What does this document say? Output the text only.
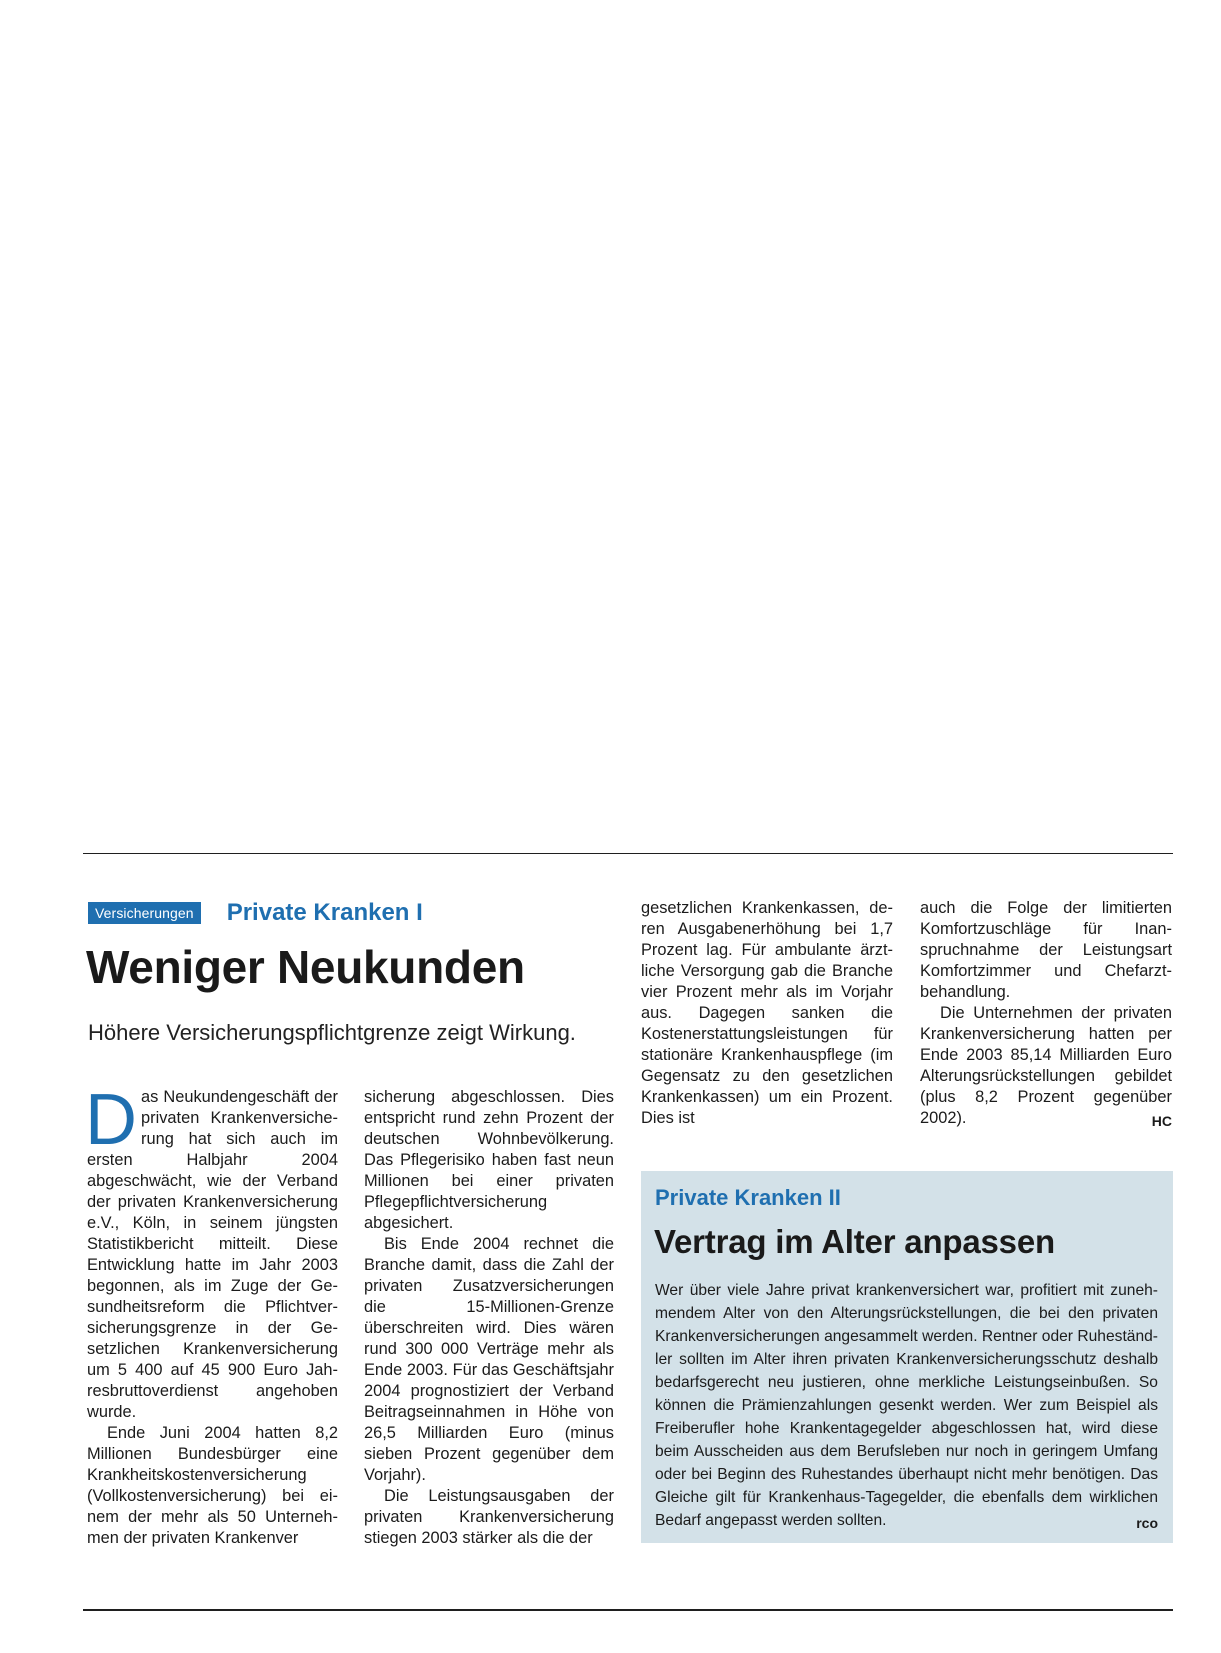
Versicherungen Private Kranken I
Weniger Neukunden

Höhere Versicherungspflichtgrenze zeigt Wirkung.

D as Neukundengeschäft der privaten Krankenversicherung hat sich auch im ersten Halbjahr 2004 abgeschwächt, wie der Verband der privaten Krankenversicherung e.V., Köln, in seinem jüngsten Statistikbericht mitteilt. Diese Entwicklung hatte im Jahr 2003 begonnen, als im Zuge der Gesundheitsreform die Pflichtversicherungsgrenze in der Gesetzlichen Krankenversicherung um 5 400 auf 45 900 Euro Jahresbruttoverdienst angehoben wurde.

Ende Juni 2004 hatten 8,2 Millionen Bundesbürger eine Krankheitskostenversicherung (Vollkostenversicherung) bei einem der mehr als 50 Unternehmen der privaten Krankenver

sicherung abgeschlossen. Dies entspricht rund zehn Prozent der deutschen Wohnbevölkerung. Das Pflegerisiko haben fast neun Millionen bei einer privaten Pflegepflichtversicherung abgesichert.

Bis Ende 2004 rechnet die Branche damit, dass die Zahl der privaten Zusatzversicherungen die 15-Millionen-Grenze überschreiten wird. Dies wären rund 300 000 Verträge mehr als Ende 2003. Für das Geschäftsjahr 2004 prognostiziert der Verband Beitragseinnahmen in Höhe von 26,5 Milliarden Euro (minus sieben Prozent gegenüber dem Vorjahr).

Die Leistungsausgaben der privaten Krankenversicherung stiegen 2003 stärker als die der

gesetzlichen Krankenkassen, deren Ausgabenerhöhung bei 1,7 Prozent lag. Für ambulante ärztliche Versorgung gab die Branche vier Prozent mehr als im Vorjahr aus. Dagegen sanken die Kostenerstattungsleistungen für stationäre Krankenhauspflege (im Gegensatz zu den gesetzlichen Krankenkassen) um ein Prozent. Dies ist

auch die Folge der limitierten Komfortzuschläge für Inanspruchnahme der Leistungsart Komfortzimmer und Chefarztbehandlung.

Die Unternehmen der privaten Krankenversicherung hatten per Ende 2003 85,14 Milliarden Euro Alterungsrückstellungen gebildet (plus 8,2 Prozent gegenüber 2002).	HC

Private Kranken II

Vertrag im Alter anpassen

Wer über viele Jahre privat krankenversichert war, profitiert mit zunehmendem Alter von den Alterungsrückstellungen, die bei den privaten Krankenversicherungen angesammelt werden. Rentner oder Ruheständler sollten im Alter ihren privaten Krankenversicherungsschutz deshalb bedarfsgerecht neu justieren, ohne merkliche Leistungseinbußen. So können die Prämienzahlungen gesenkt werden. Wer zum Beispiel als Freiberufler hohe Krankentagegelder abgeschlossen hat, wird diese beim Ausscheiden aus dem Berufsleben nur noch in geringem Umfang oder bei Beginn des Ruhestandes überhaupt nicht mehr benötigen. Das Gleiche gilt für Krankenhaus-Tagegelder, die ebenfalls dem wirklichen Bedarf angepasst werden sollten.	rco
